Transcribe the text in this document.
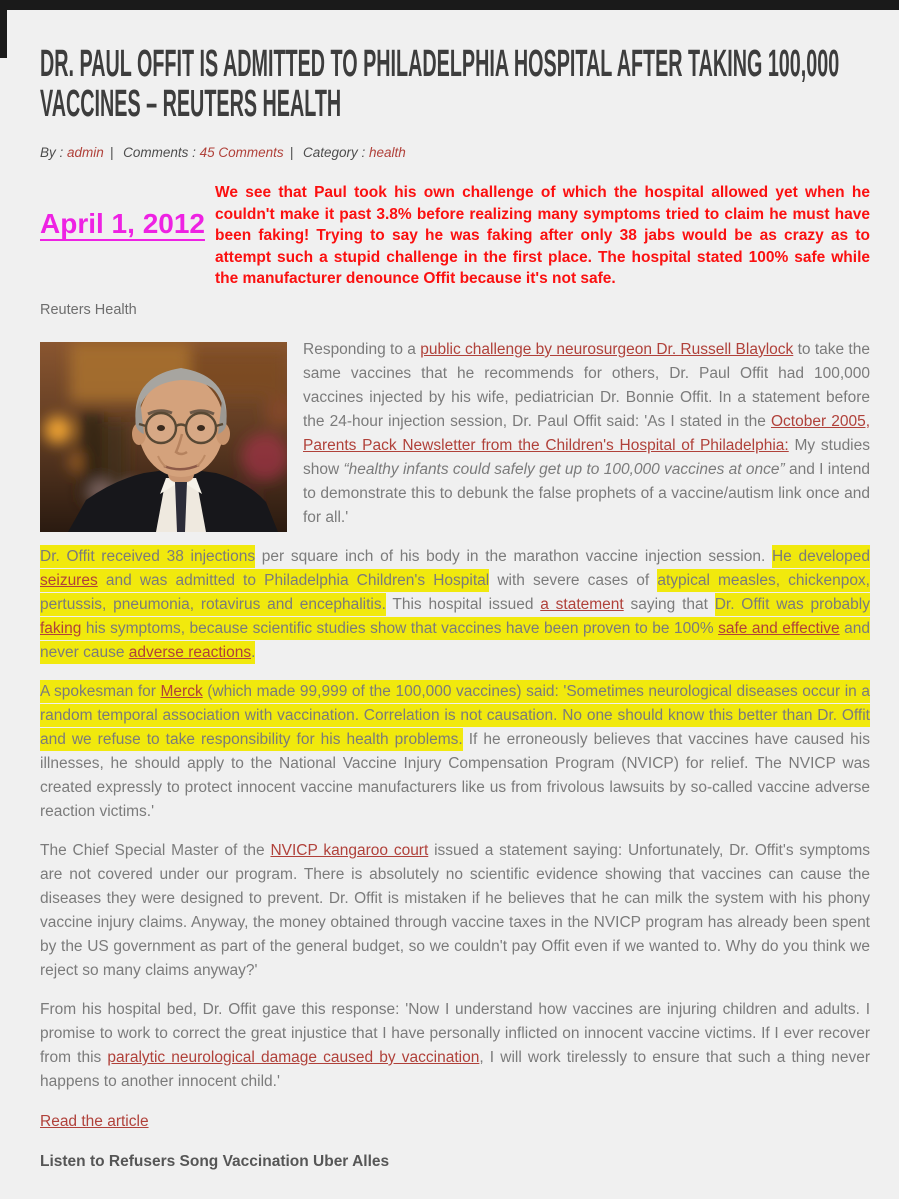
DR. PAUL OFFIT IS ADMITTED TO PHILADELPHIA HOSPITAL AFTER TAKING 100,000
VACCINES – REUTERS HEALTH
By : admin | Comments : 45 Comments | Category : health
April 1, 2012
We see that Paul took his own challenge of which the hospital allowed yet when he couldn't make it past 3.8% before realizing many symptoms tried to claim he must have been faking! Trying to say he was faking after only 38 jabs would be as crazy as to attempt such a stupid challenge in the first place. The hospital stated 100% safe while the manufacturer denounce Offit because it's not safe.
Reuters Health

Responding to a public challenge by neurosurgeon Dr. Russell Blaylock to take the same vaccines that he recommends for others, Dr. Paul Offit had 100,000 vaccines injected by his wife, pediatrician Dr. Bonnie Offit. In a statement before the 24-hour injection session, Dr. Paul Offit said: 'As I stated in the October 2005, Parents Pack Newsletter from the Children's Hospital of Philadelphia: My studies show “healthy infants could safely get up to 100,000 vaccines at once” and I intend to demonstrate this to debunk the false prophets of a vaccine/autism link once and for all.'

Dr. Offit received 38 injections per square inch of his body in the marathon vaccine injection session. He developed seizures and was admitted to Philadelphia Children's Hospital with severe cases of atypical measles, chickenpox, pertussis, pneumonia, rotavirus and encephalitis. This hospital issued a statement saying that Dr. Offit was probably faking his symptoms, because scientific studies show that vaccines have been proven to be 100% safe and effective and never cause adverse reactions.

A spokesman for Merck (which made 99,999 of the 100,000 vaccines) said: 'Sometimes neurological diseases occur in a random temporal association with vaccination. Correlation is not causation. No one should know this better than Dr. Offit and we refuse to take responsibility for his health problems. If he erroneously believes that vaccines have caused his illnesses, he should apply to the National Vaccine Injury Compensation Program (NVICP) for relief. The NVICP was created expressly to protect innocent vaccine manufacturers like us from frivolous lawsuits by so-called vaccine adverse reaction victims.'

The Chief Special Master of the NVICP kangaroo court issued a statement saying: Unfortunately, Dr. Offit's symptoms are not covered under our program. There is absolutely no scientific evidence showing that vaccines can cause the diseases they were designed to prevent. Dr. Offit is mistaken if he believes that he can milk the system with his phony vaccine injury claims. Anyway, the money obtained through vaccine taxes in the NVICP program has already been spent by the US government as part of the general budget, so we couldn't pay Offit even if we wanted to. Why do you think we reject so many claims anyway?'

From his hospital bed, Dr. Offit gave this response: 'Now I understand how vaccines are injuring children and adults. I promise to work to correct the great injustice that I have personally inflicted on innocent vaccine victims. If I ever recover from this paralytic neurological damage caused by vaccination, I will work tirelessly to ensure that such a thing never happens to another innocent child.'

Read the article
Listen to Refusers Song Vaccination Uber Alles
